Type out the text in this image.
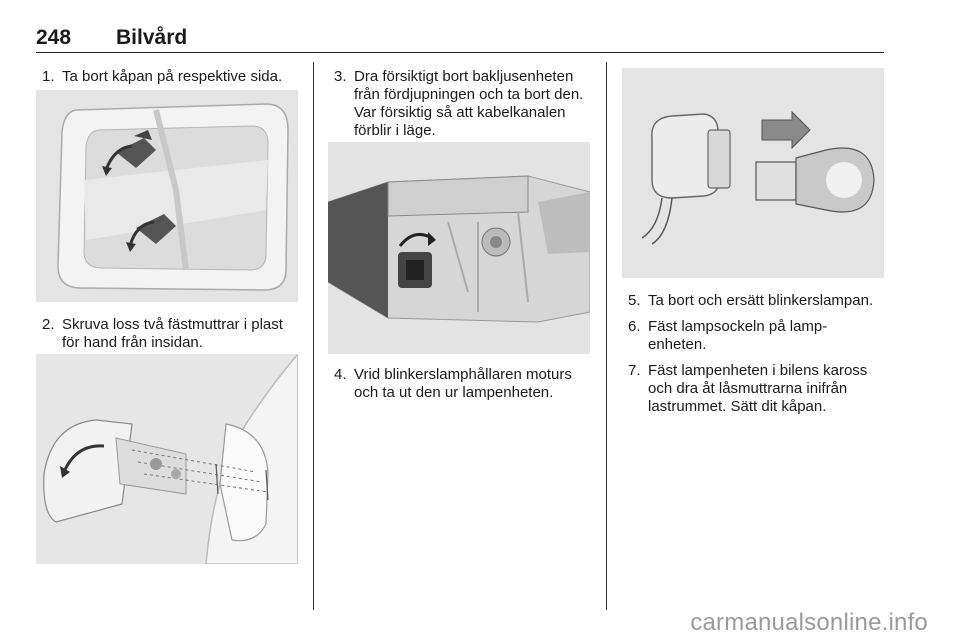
248 Bilvård
1. Ta bort kåpan på respektive sida.
2. Skruva loss två fästmuttrar i plast för hand från insidan.
3. Dra försiktigt bort bakljusenheten från fördjupningen och ta bort den. Var försiktig så att kabelkanalen förblir i läge.
4. Vrid blinkerslamphållaren moturs och ta ut den ur lampenheten.
5. Ta bort och ersätt blinkerslampan.
6. Fäst lampsockeln på lampenheten.
7. Fäst lampenheten i bilens kaross och dra åt låsmuttrarna inifrån lastrummet. Sätt dit kåpan.
carmanualsonline.info
